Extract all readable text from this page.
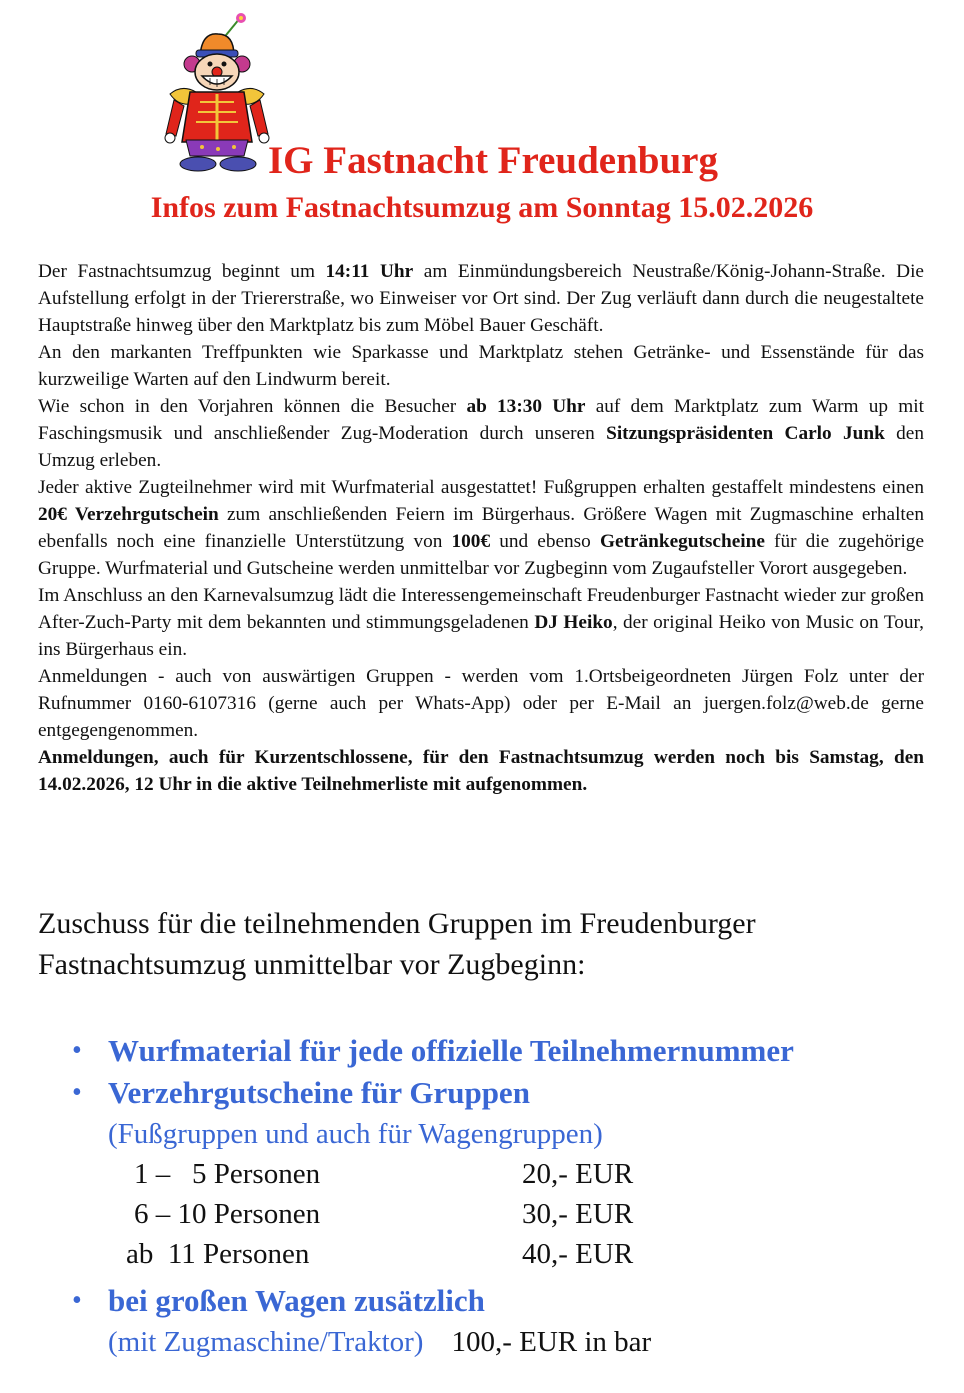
IG Fastnacht Freudenburg
Infos zum Fastnachtsumzug am Sonntag 15.02.2026

Der Fastnachtsumzug beginnt um 14:11 Uhr am Einmündungsbereich Neustraße/König-Johann-Straße. Die Aufstellung erfolgt in der Triererstraße, wo Einweiser vor Ort sind. Der Zug verläuft dann durch die neugestaltete Hauptstraße hinweg über den Marktplatz bis zum Möbel Bauer Geschäft.

An den markanten Treffpunkten wie Sparkasse und Marktplatz stehen Getränke- und Essenstände für das kurzweilige Warten auf den Lindwurm bereit.

Wie schon in den Vorjahren können die Besucher ab 13:30 Uhr auf dem Marktplatz zum Warm up mit Faschingsmusik und anschließender Zug-Moderation durch unseren Sitzungspräsidenten Carlo Junk den Umzug erleben.

Jeder aktive Zugteilnehmer wird mit Wurfmaterial ausgestattet! Fußgruppen erhalten gestaffelt mindestens einen 20€ Verzehrgutschein zum anschließenden Feiern im Bürgerhaus. Größere Wagen mit Zugmaschine erhalten ebenfalls noch eine finanzielle Unterstützung von 100€ und ebenso Getränkegutscheine für die zugehörige Gruppe. Wurfmaterial und Gutscheine werden unmittelbar vor Zugbeginn vom Zugaufsteller Vorort ausgegeben.

Im Anschluss an den Karnevalsumzug lädt die Interessengemeinschaft Freudenburger Fastnacht wieder zur großen After-Zuch-Party mit dem bekannten und stimmungsgeladenen DJ Heiko, der original Heiko von Music on Tour, ins Bürgerhaus ein.

Anmeldungen - auch von auswärtigen Gruppen - werden vom 1.Ortsbeigeordneten Jürgen Folz unter der Rufnummer 0160-6107316 (gerne auch per Whats-App) oder per E-Mail an juergen.folz@web.de gerne entgegengenommen.

Anmeldungen, auch für Kurzentschlossene, für den Fastnachtsumzug werden noch bis Samstag, den 14.02.2026, 12 Uhr in die aktive Teilnehmerliste mit aufgenommen.

Zuschuss für die teilnehmenden Gruppen im Freudenburger
Fastnachtsumzug unmittelbar vor Zugbeginn:
• Wurfmaterial für jede offizielle Teilnehmernummer
• Verzehrgutscheine für Gruppen
(Fußgruppen und auch für Wagengruppen)
1 –   5 Personen	20,- EUR
6 – 10 Personen	30,- EUR
ab  11 Personen	40,- EUR
• bei großen Wagen zusätzlich
(mit Zugmaschine/Traktor) 100,- EUR in bar
